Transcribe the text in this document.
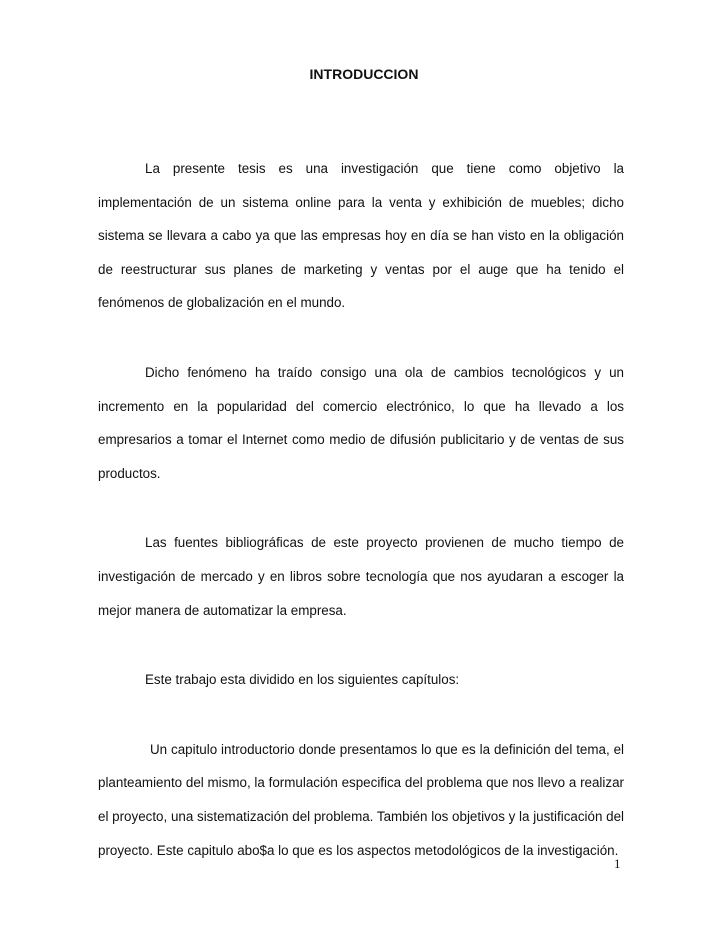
INTRODUCCION

La presente tesis es una investigación que tiene como objetivo la implementación de un sistema online para la venta y exhibición de muebles; dicho sistema se llevara a cabo ya que las empresas hoy en día se han visto en la obligación de reestructurar sus planes de marketing y ventas por el auge que ha tenido el fenómenos de globalización en el mundo.

Dicho fenómeno ha traído consigo una ola de cambios tecnológicos y un incremento en la popularidad del comercio electrónico, lo que ha llevado a los empresarios a tomar el Internet como medio de difusión publicitario y de ventas de sus productos.

Las fuentes bibliográficas de este proyecto provienen de mucho tiempo de investigación de mercado y en libros sobre tecnología que nos ayudaran a escoger la mejor manera de automatizar la empresa.

Este trabajo esta dividido en los siguientes capítulos:

Un capitulo introductorio donde presentamos lo que es la definición del tema, el planteamiento del mismo, la formulación especifica del problema que nos llevo a realizar el proyecto, una sistematización del problema. También los objetivos y la justificación del proyecto. Este capitulo abo$a lo que es los aspectos metodológicos de la investigación.

1
